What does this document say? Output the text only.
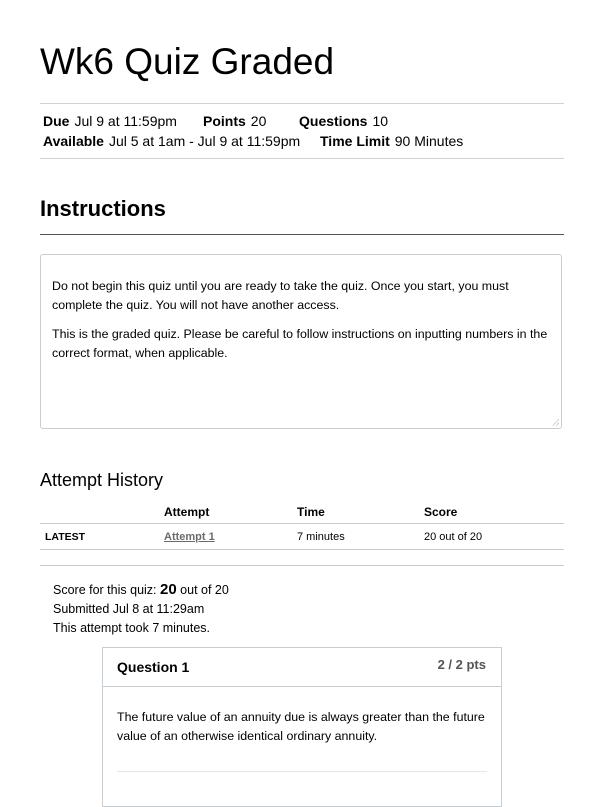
Wk6 Quiz Graded
Due Jul 9 at 11:59pm Points 20 Questions 10
Available Jul 5 at 1am - Jul 9 at 11:59pm Time Limit 90 Minutes
Instructions

Do not begin this quiz until you are ready to take the quiz. Once you start, you must complete the quiz. You will not have another access.

This is the graded quiz. Please be careful to follow instructions on inputting numbers in the correct format, when applicable.

Attempt History
	Attempt	Time	Score
LATEST	Attempt 1	7 minutes	20 out of 20
Score for this quiz: 20 out of 20
Submitted Jul 8 at 11:29am
This attempt took 7 minutes.
Question 1	2 / 2 pts
The future value of an annuity due is always greater than the future value of an otherwise identical ordinary annuity.
